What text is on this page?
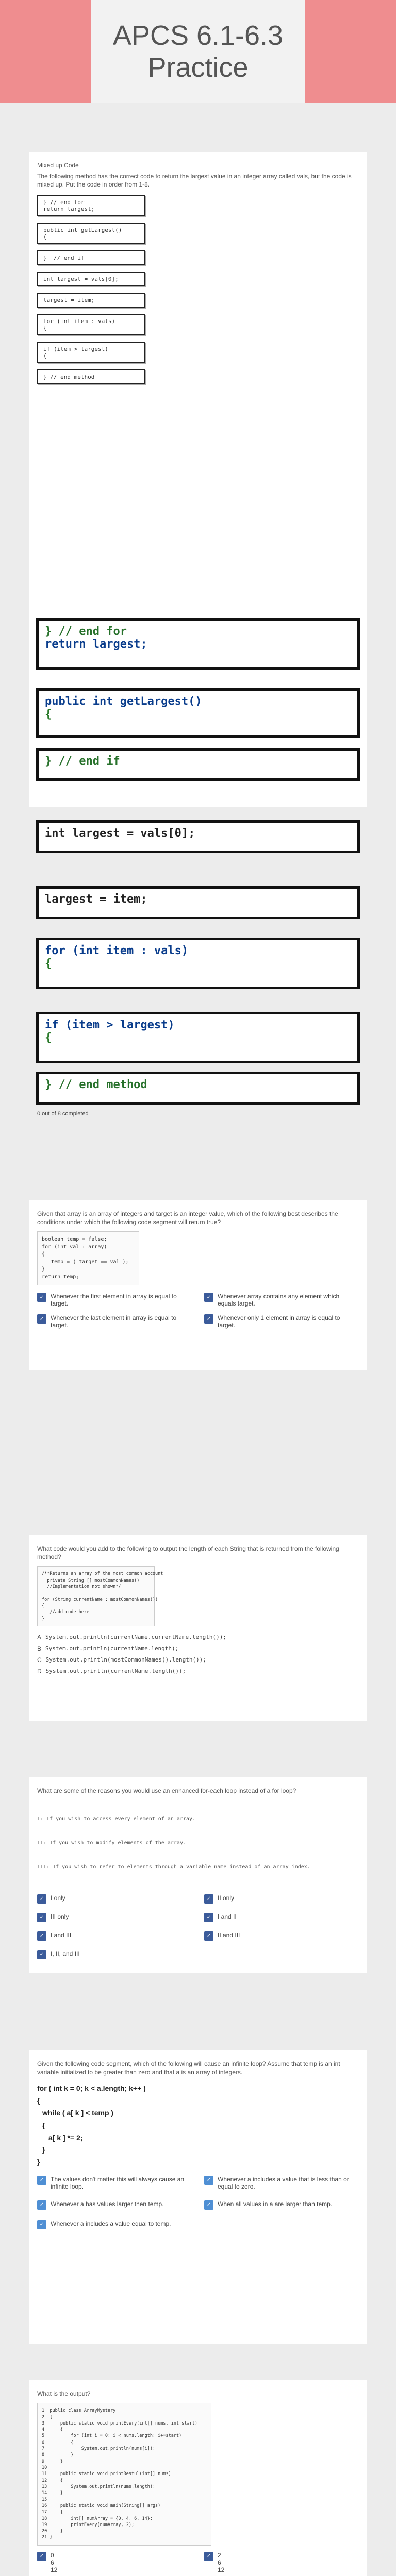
APCS 6.1-6.3
Practice
Mixed up Code
The following method has the correct code to return the largest value in an integer array called vals, but the code is mixed up. Put the code in order from 1-8.
} // end for
return largest;
public int getLargest()
{
}  // end if
int largest = vals[0];
largest = item;
for (int item : vals)
{
if (item > largest)
{
} // end method
} // end for
return largest;
public int getLargest()
{
} // end if
int largest = vals[0];
largest = item;
for (int item : vals)
{
if (item > largest)
{
} // end method
0 out of 8 completed
Given that array is an array of integers and target is an integer value, which of the following best describes the conditions under which the following code segment will return true?
boolean temp = false;
for (int val : array)
{
temp = ( target == val );
}
return temp;
✓	Whenever the first element in array is equal to target.
✓	Whenever array contains any element which equals target.
✓	Whenever the last element in array is equal to target.
✓	Whenever only 1 element in array is equal to target.
What code would you add to the following to output the length of each String that is returned from the following method?
/**Returns an array of the most common account
private String [] mostCommonNames()
//Implementation not shown*/

for (String currentName : mostCommonNames())
{
//add code here
}
A System.out.println(currentName.currentName.length());
B System.out.println(currentName.length);
C System.out.println(mostCommonNames().length());
D System.out.println(currentName.length());
What are some of the reasons you would use an enhanced for-each loop instead of a for loop?

I: If you wish to access every element of an array.

II: If you wish to modify elements of the array.

III: If you wish to refer to elements through a variable name instead of an array index.

✓	I only	✓	II only
✓	III only	✓	I and II
✓	I and III	✓	II and III
✓	I, II, and III
Given the following code segment, which of the following will cause an infinite loop? Assume that temp is an int variable initialized to be greater than zero and that a is an array of integers.
for ( int k = 0; k < a.length; k++ )
{
while ( a[ k ] < temp )
{
a[ k ] *= 2;
}
}
✓	The values don't matter this will always cause an infinite loop.
✓	Whenever a includes a value that is less than or equal to zero.
✓	Whenever a has values larger then temp.	✓	When all values in a are larger than temp.
✓	Whenever a includes a value equal to temp.
What is the output?
1  public class ArrayMystery
2  {
3      public static void printEvery(int[] nums, int start)
4      {
5          for (int i = 0; i < nums.length; i+=start)
6          {
7              System.out.println(nums[i]);
8          }
9      }
10
11     public static void printRestul(int[] nums)
12     {
13         System.out.println(nums.length);
14     }
15
16     public static void main(String[] args)
17     {
18         int[] numArray = {0, 4, 6, 14};
19         printEvery(numArray, 2);
20     }
21 }
✓	0
6
12
✓	2
6
12
